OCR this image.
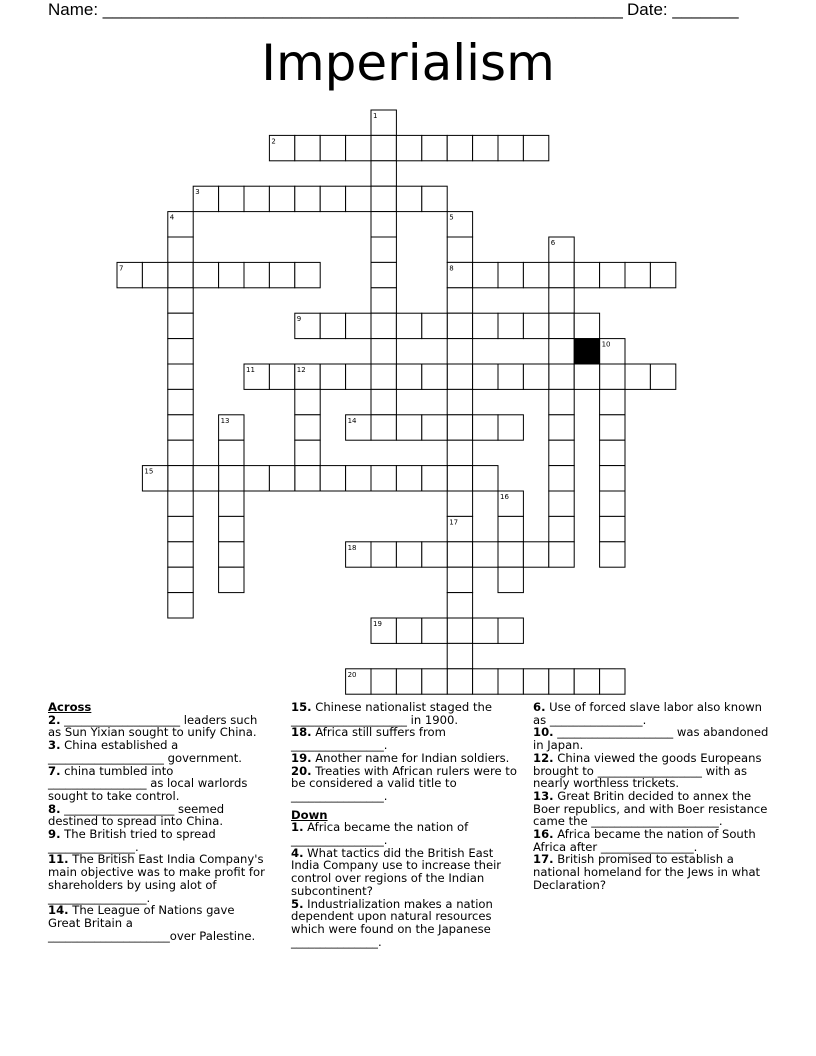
Name: _______________________________________________________ Date: _______
Imperialism
1
2
3
4	5
6
7	8
9
10
11	12
13	14
15
16
17
18
19
20

Across

2. ____________________ leaders such as Sun Yixian sought to unify China.

3. China established a ____________________ government.

7. china tumbled into _________________ as local warlords sought to take control.

8. ___________________ seemed destined to spread into China.

9. The British tried to spread _______________.

11. The British East India Company's main objective was to make profit for shareholders by using alot of _________________.

14. The League of Nations gave Great Britain a _____________________over Palestine.

15. Chinese nationalist staged the ____________________ in 1900.

18. Africa still suffers from ________________.

19. Another name for Indian soldiers.

20. Treaties with African rulers were to be considered a valid title to ________________.

Down

1. Africa became the nation of ________________.

4. What tactics did the British East India Company use to increase their control over regions of the Indian subcontinent?

5. Industrialization makes a nation dependent upon natural resources which were found on the Japanese _______________.

6. Use of forced slave labor also known as ________________.

10. ____________________ was abandoned in Japan.

12. China viewed the goods Europeans brought to __________________ with as nearly worthless trickets.

13. Great Britin decided to annex the Boer republics, and with Boer resistance came the ______________________.

16. Africa became the nation of South Africa after ________________.

17. British promised to establish a national homeland for the Jews in what Declaration?
